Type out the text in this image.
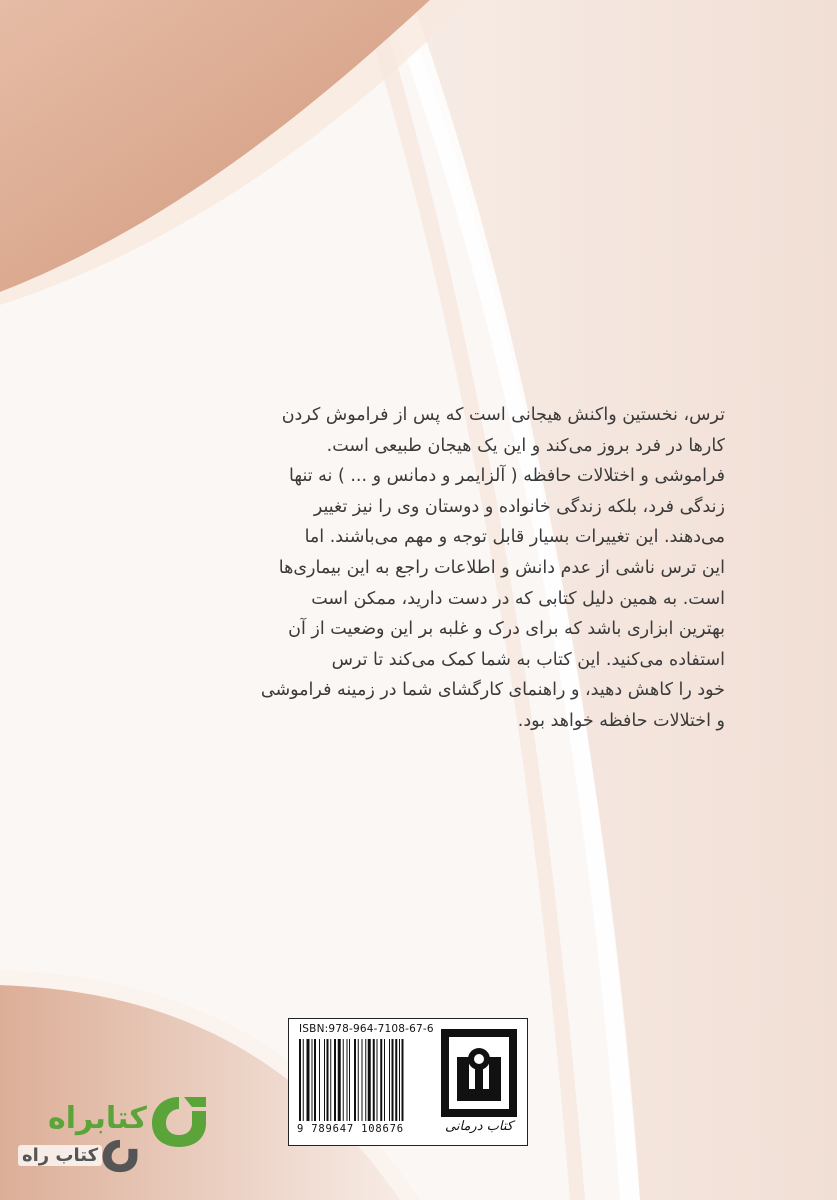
ترس، نخستین واکنش هیجانی است که پس از فراموش کردن
کارها در فرد بروز می‌کند و این یک هیجان طبیعی است.
فراموشی و اختلالات حافظه ( آلزایمر و دمانس و ... ) نه تنها
زندگی فرد، بلکه زندگی خانواده و دوستان وی را نیز تغییر
می‌دهند. این تغییرات بسیار قابل توجه و مهم می‌باشند. اما
این ترس ناشی از عدم دانش و اطلاعات راجع به این بیماری‌ها
است. به همین دلیل کتابی که در دست دارید، ممکن است
بهترین ابزاری باشد که برای درک و غلبه بر این وضعیت از آن
استفاده می‌کنید. این کتاب به شما کمک می‌کند تا ترس
خود را کاهش دهید، و راهنمای کارگشای شما در زمینه فراموشی
و اختلالات حافظه خواهد بود.
ISBN:978-964-7108-67-6
9 789647 108676	کتاب درمانی
کتابراه
کتاب راه
